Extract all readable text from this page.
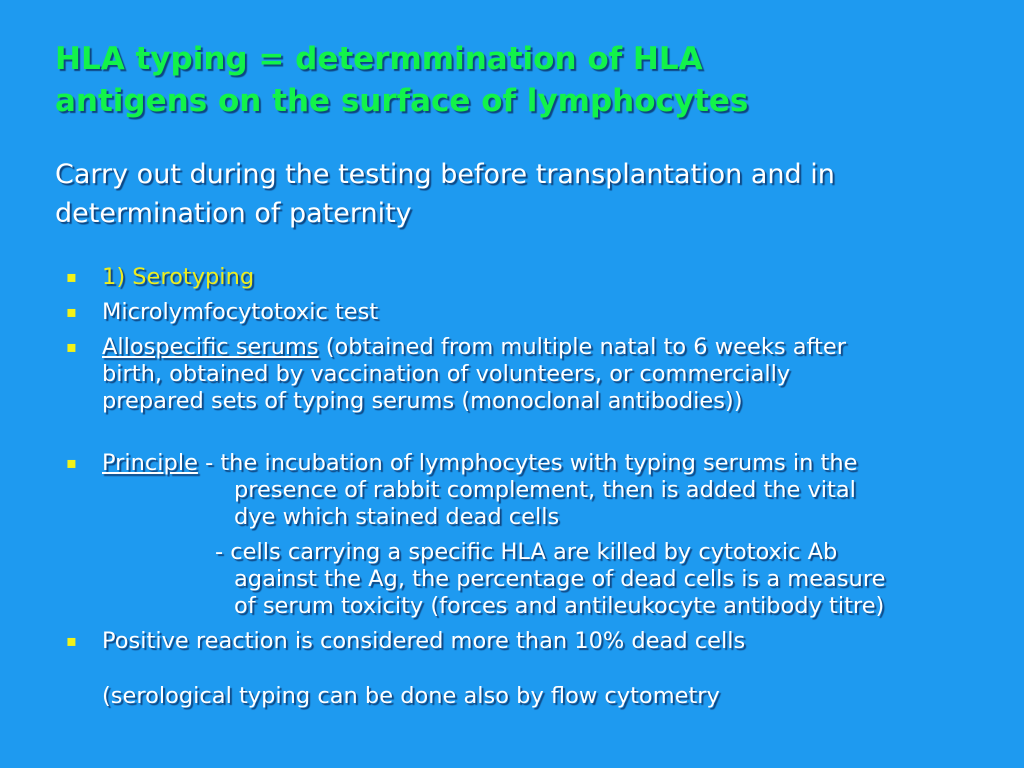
HLA typing = determmination of HLA
antigens on the surface of lymphocytes
Carry out during the testing before transplantation and in
determination of paternity
▪ 1) Serotyping
▪ Microlymfocytotoxic test
▪ Allospecific serums (obtained from multiple natal to 6 weeks after
birth, obtained by vaccination of volunteers, or commercially
prepared sets of typing serums (monoclonal antibodies))
▪ Principle - the incubation of lymphocytes with typing serums in the
presence of rabbit complement, then is added the vital
dye which stained dead cells
- cells carrying a specific HLA are killed by cytotoxic Ab
against the Ag, the percentage of dead cells is a measure
of serum toxicity (forces and antileukocyte antibody titre)
▪ Positive reaction is considered more than 10% dead cells
(serological typing can be done also by flow cytometry
